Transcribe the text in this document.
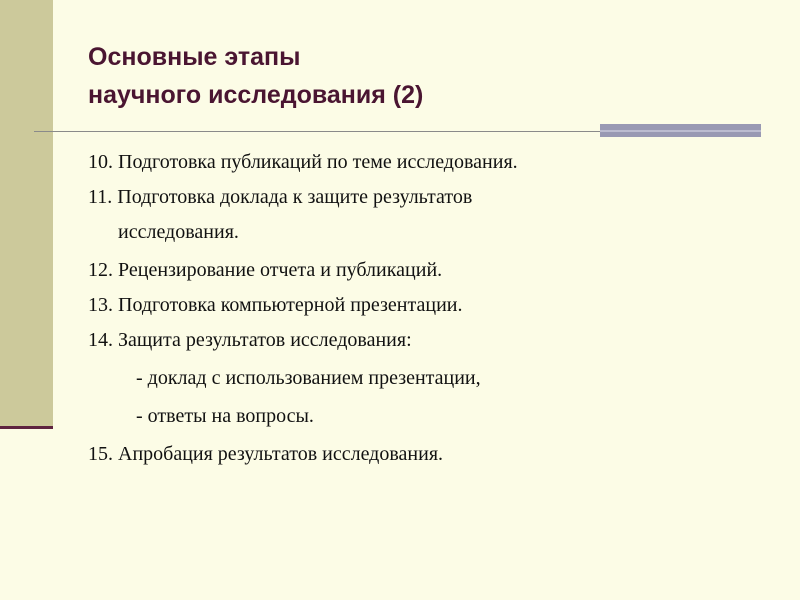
Основные этапы
научного исследования (2)
10. Подготовка публикаций по теме исследования.
11. Подготовка доклада к защите результатов
исследования.
12. Рецензирование отчета и публикаций.
13. Подготовка компьютерной презентации.
14. Защита результатов исследования:
- доклад с использованием презентации,
- ответы на вопросы.
15. Апробация результатов исследования.
